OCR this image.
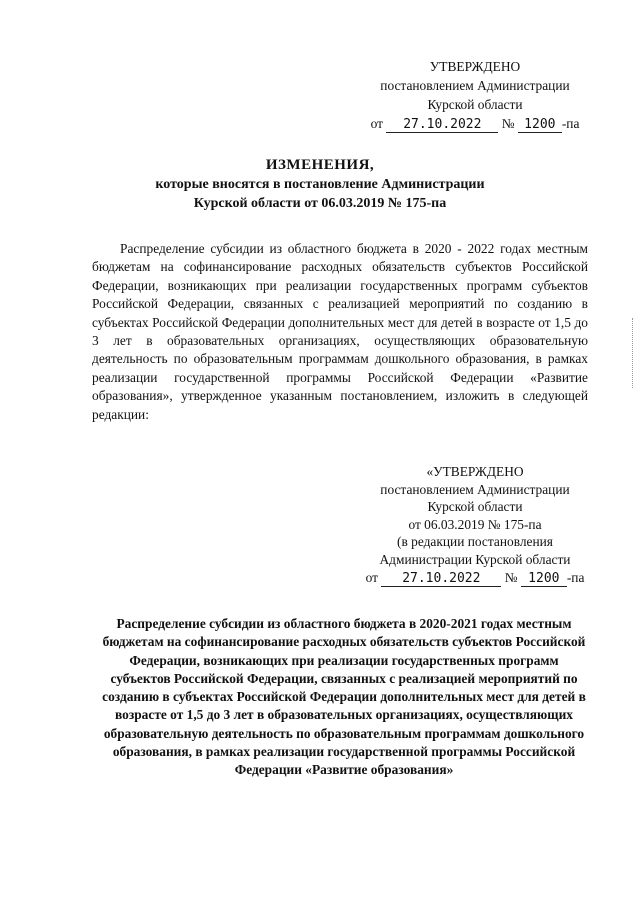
УТВЕРЖДЕНО
постановлением Администрации
Курской области
от 27.10.2022 № 1200 -па
ИЗМЕНЕНИЯ,
которые вносятся в постановление Администрации
Курской области от 06.03.2019 № 175-па

Распределение субсидии из областного бюджета в 2020 - 2022 годах местным бюджетам на софинансирование расходных обязательств субъектов Российской Федерации, возникающих при реализации государственных программ субъектов Российской Федерации, связанных с реализацией мероприятий по созданию в субъектах Российской Федерации дополнительных мест для детей в возрасте от 1,5 до 3 лет в образовательных организациях, осуществляющих образовательную деятельность по образовательным программам дошкольного образования, в рамках реализации государственной программы Российской Федерации «Развитие образования», утвержденное указанным постановлением, изложить в следующей редакции:

«УТВЕРЖДЕНО
постановлением Администрации
Курской области
от 06.03.2019 № 175-па
(в редакции постановления
Администрации Курской области
от 27.10.2022 № 1200 -па

Распределение субсидии из областного бюджета в 2020-2021 годах местным бюджетам на софинансирование расходных обязательств субъектов Российской Федерации, возникающих при реализации государственных программ субъектов Российской Федерации, связанных с реализацией мероприятий по созданию в субъектах Российской Федерации дополнительных мест для детей в возрасте от 1,5 до 3 лет в образовательных организациях, осуществляющих образовательную деятельность по образовательным программам дошкольного образования, в рамках реализации государственной программы Российской Федерации «Развитие образования»
